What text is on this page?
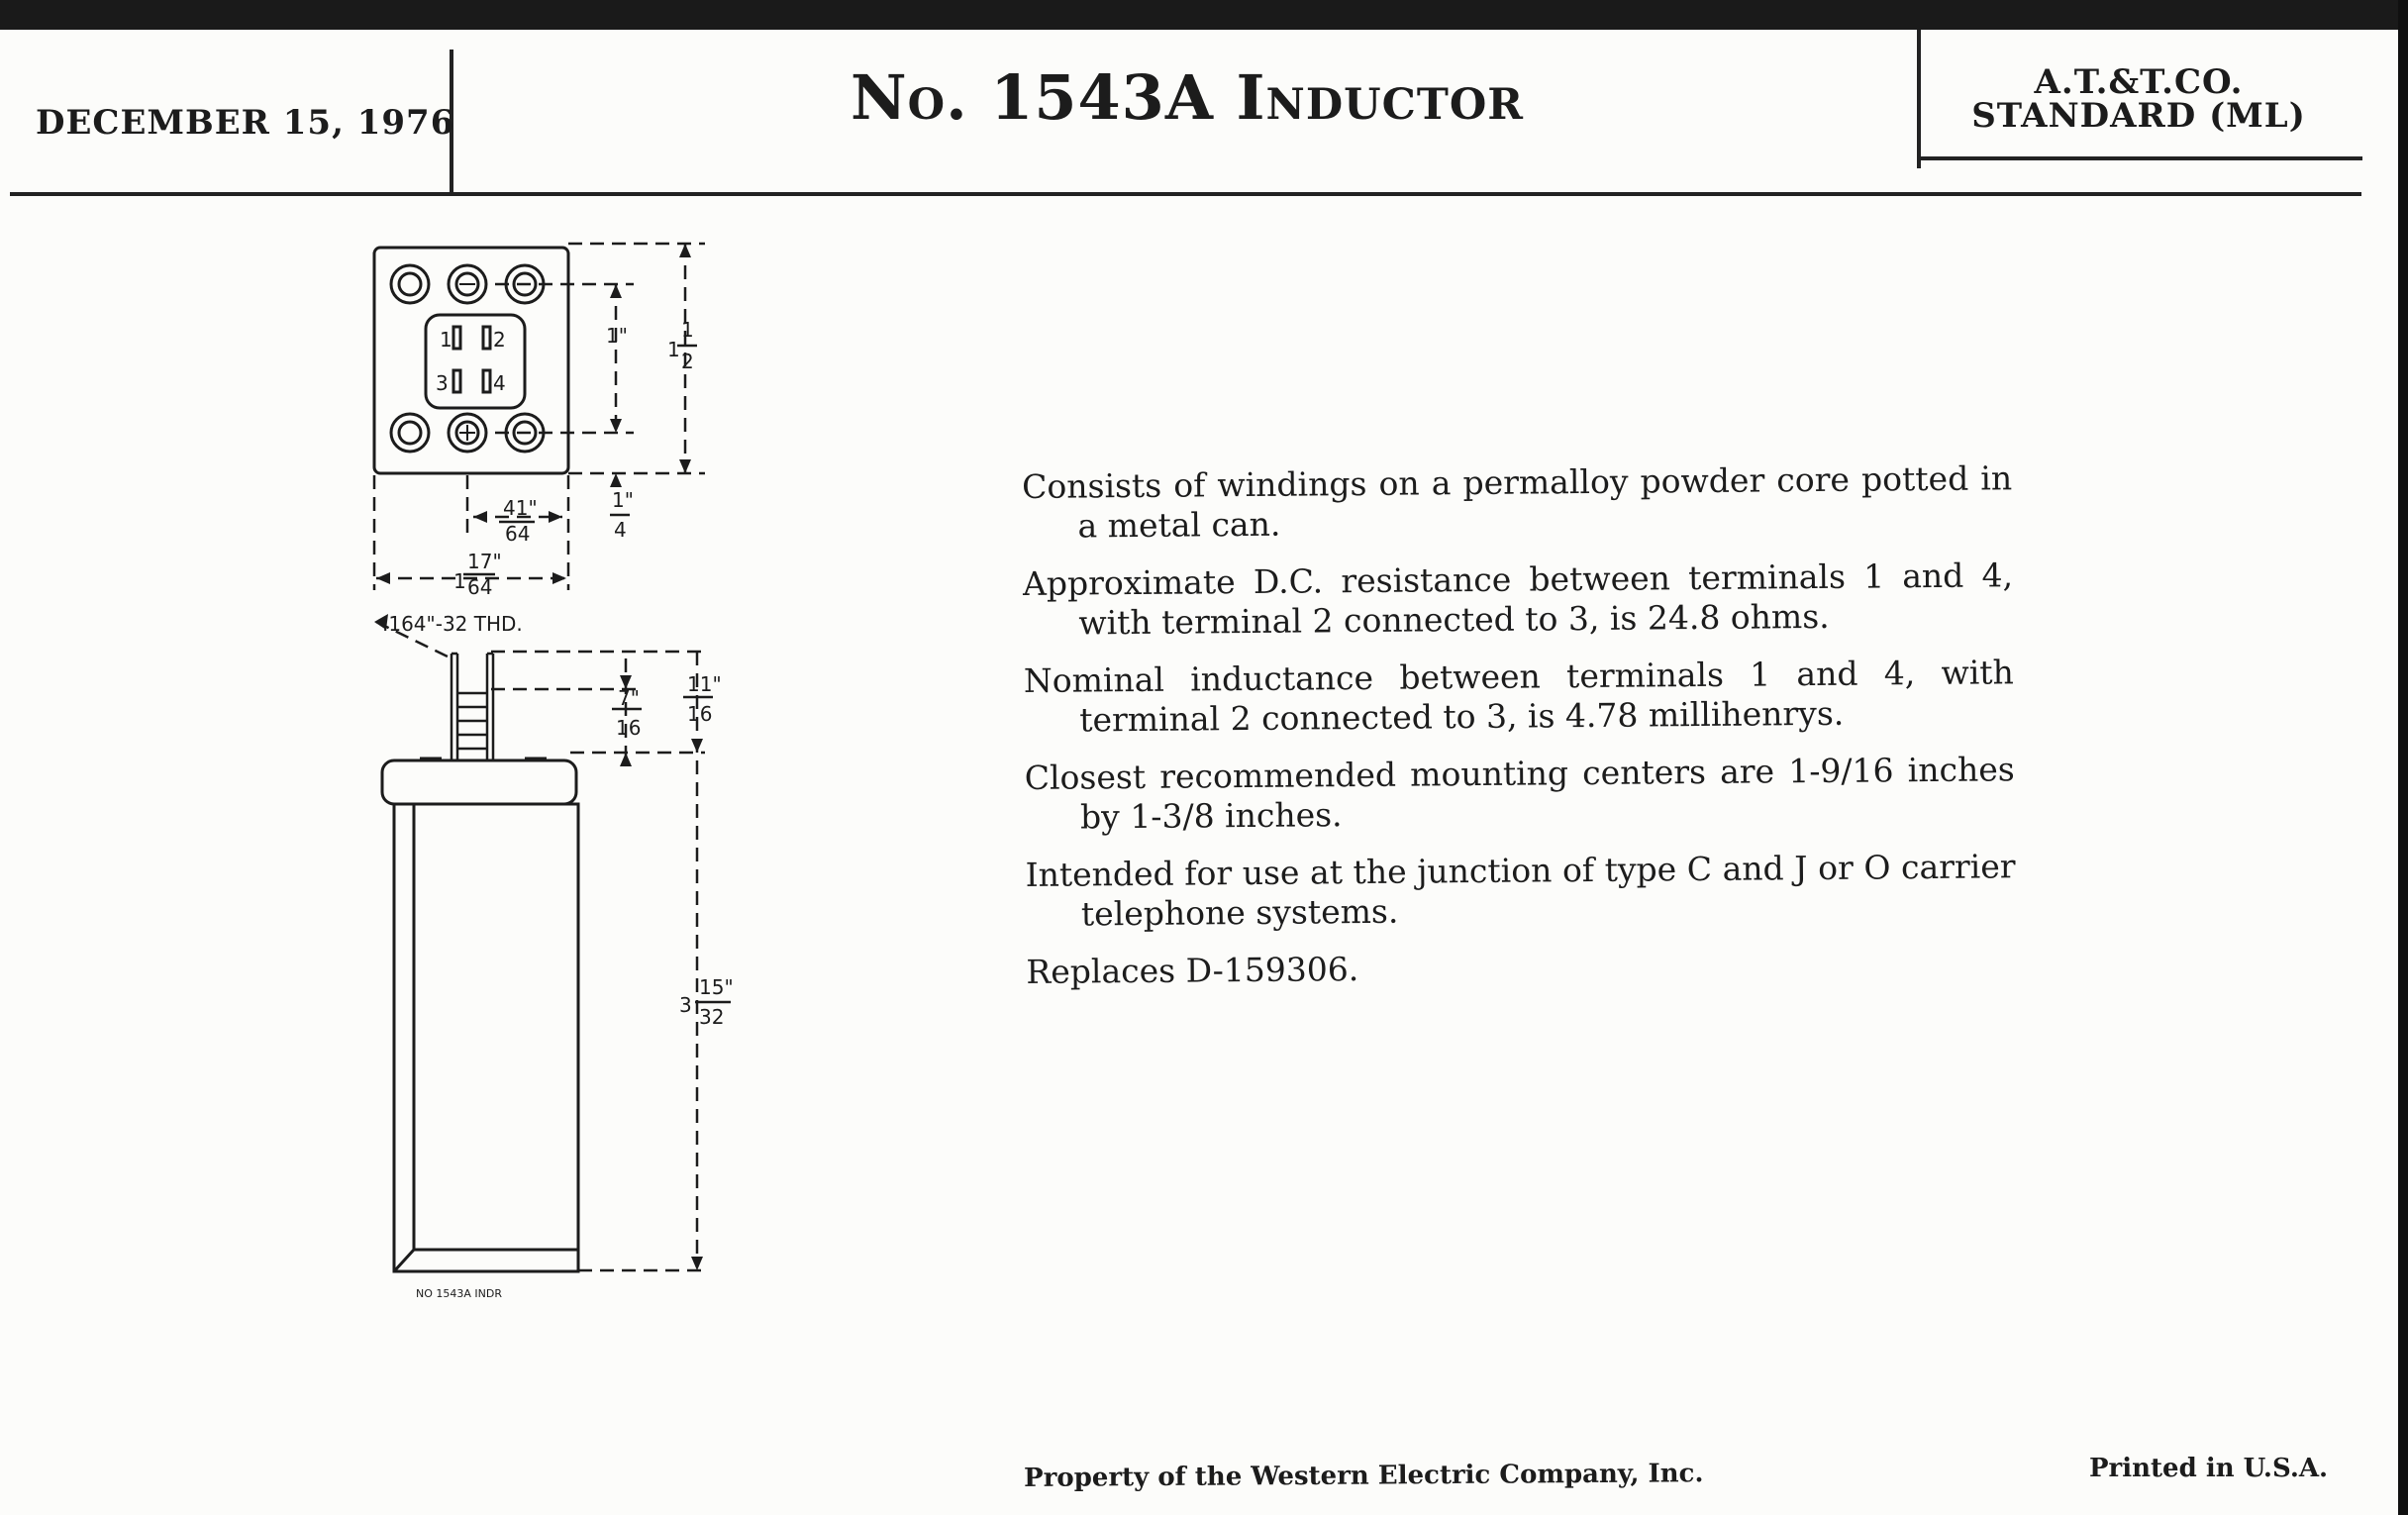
DECEMBER 15, 1976	No. 1543A Inductor	A.T.&T.CO.
STANDARD (ML)
1 2
3 4
1"
1
1
2
41"
64
1"
4
1
17"
64
.164"-32 THD.
7"
16
11"
16
3
15"
32
NO 1543A INDR

Consists of windings on a permalloy powder core potted in a metal can.

Approximate D.C. resistance between terminals 1 and 4, with terminal 2 connected to 3, is 24.8 ohms.

Nominal inductance between terminals 1 and 4, with terminal 2 connected to 3, is 4.78 millihenrys.

Closest recommended mounting centers are 1-9/16 inches by 1-3/8 inches.

Intended for use at the junction of type C and J or O carrier telephone systems.

Replaces D-159306.

Property of the Western Electric Company, Inc.	Printed in U.S.A.
